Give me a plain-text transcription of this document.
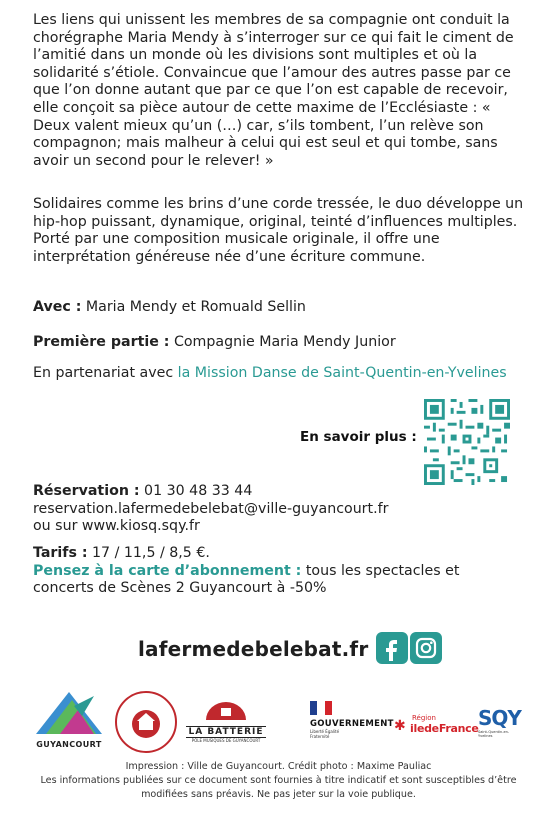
Les liens qui unissent les membres de sa compagnie ont conduit la chorégraphe Maria Mendy à s’interroger sur ce qui fait le ciment de l’amitié dans un monde où les divisions sont multiples et où la solidarité s’étiole. Convaincue que l’amour des autres passe par ce que l’on donne autant que par ce que l’on est capable de recevoir, elle conçoit sa pièce autour de cette maxime de l’Ecclésiaste : « Deux valent mieux qu’un (…) car, s’ils tombent, l’un relève son compagnon; mais malheur à celui qui est seul et qui tombe, sans avoir un second pour le relever! »
Solidaires comme les brins d’une corde tressée, le duo développe un hip-hop puissant, dynamique, original, teinté d’influences multiples. Porté par une composition musicale originale, il offre une interprétation généreuse née d’une écriture commune.
Avec : Maria Mendy et Romuald Sellin
Première partie : Compagnie Maria Mendy Junior
En partenariat avec la Mission Danse de Saint-Quentin-en-Yvelines
En savoir plus :
Réservation : 01 30 48 33 44
reservation.lafermedebelebat@ville-guyancourt.fr
ou sur www.kiosq.sqy.fr
Tarifs : 17 / 11,5 / 8,5 €.
Pensez à la carte d’abonnement : tous les spectacles et concerts de Scènes 2 Guyancourt à -50%
lafermedebelebat.fr
GUYANCOURT
LA BATTERIE
PÔLE MUSIQUES DE GUYANCOURT
GOUVERNEMENT
Liberté Égalité Fraternité
✱ Région
iledeFrance SQY
Saint-Quentin-en-Yvelines
Impression : Ville de Guyancourt. Crédit photo : Maxime Pauliac
Les informations publiées sur ce document sont fournies à titre indicatif et sont susceptibles d’être modifiées sans préavis. Ne pas jeter sur la voie publique.
